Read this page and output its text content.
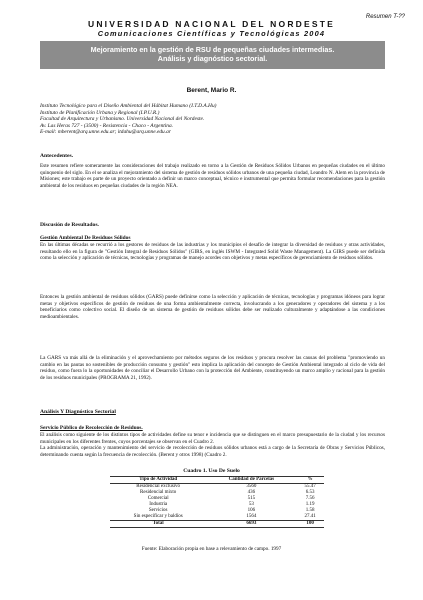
Resumen T-??
UNIVERSIDAD NACIONAL DEL NORDESTE
Comunicaciones Científicas y Tecnológicas 2004
Mejoramiento en la gestión de RSU de pequeñas ciudades intermedias.
Análisis y diagnóstico sectorial.
Berent, Mario R.
Instituto Tecnológico para el Diseño Ambiental del Hábitat Humano (I.T.D.A.Hu)
Instituto de Planificación Urbana y Regional (I.P.U.R.)
Facultad de Arquitectura y Urbanismo. Universidad Nacional del Nordeste.
Av. Las Heras 727 - (3500) - Resistencia - Chaco - Argentina.
E-mail: mberent@arq.unne.edu.ar; itdahu@arq.unne.edu.ar
Antecedentes.
Este resumen refiere someramente las consideraciones del trabajo realizado en torno a la Gestión de Residuos Sólidos Urbanos en pequeñas ciudades en el último quinquenio del siglo. En el se analiza el mejoramiento del sistema de gestión de residuos sólidos urbanos de una pequeña ciudad, Leandro N. Alem en la provincia de Misiones; este trabajo es parte de un proyecto orientado a definir un marco conceptual, técnico e instrumental que permita formular recomendaciones para la gestión ambiental de los residuos en pequeñas ciudades de la región NEA.
Discusión de Resultados.
Gestión Ambiental De Residuos Sólidos
En las últimas décadas se recurrió a los gestores de residuos de las industrias y los municipios el desafío de integrar la diversidad de residuos y otras actividades, resultando ello en la figura de "Gestión Integral de Residuos Sólidos" (GIRS, en inglés ISWM - Integrated Solid Waste Management). La GIRS puede ser definida como la selección y aplicación de técnicas, tecnologías y programas de manejo acordes con objetivos y metas específicos de gerenciamiento de residuos sólidos.
Entonces la gestión ambiental de residuos sólidos (GARS) puede definirse como la selección y aplicación de técnicas, tecnologías y programas idóneos para lograr metas y objetivos específicos de gestión de residuos de una forma ambientalmente correcta, involucrando a los generadores y operadores del sistema y a los beneficiarios como colectivo social. El diseño de un sistema de gestión de residuos sólidos debe ser realizado culturalmente y adaptándose a las condiciones medioambientales.
La GARS va más allá de la eliminación y el aprovechamiento por métodos seguros de los residuos y procura resolver las causas del problema "promoviendo un cambio en las pautas no sostenibles de producción consumo y gestión" esto implica la aplicación del concepto de Gestión Ambiental integrado al ciclo de vida del residuo, como fuera lo la oportunidades de conciliar el Desarrollo Urbano con la protección del Ambiente, constituyendo un marco amplio y racional para la gestión de los residuos municipales (PROGRAMA 21, 1992).
Análisis Y Diagnóstico Sectorial
Servicio Público de Recolección de Residuos.
El análisis como siguiente de los distintos tipos de actividades define su tenor e incidencia que se distinguen en el marco presupuestario de la ciudad y los recursos municipales en los diferentes frentes, cuyos porcentajes se observan en el Cuadro 2.
La administración, operación y mantenimiento del servicio de recolección de residuos sólidos urbanos está a cargo de la Secretaría de Obras y Servicios Públicos, determinando cuenta según la frecuencia de recolección. (Berent y otros 1998) (Cuadro 2.
Cuadro 1. Uso De Suelo
Tipo de Actividad	Cantidad de Parcelas	%
Residencial exclusivo	3560	55.47
Residencial mixto	436	6.53
Comercial	515	7.56
Industria	53	1.19
Servicios	106	1.58
Sin especificar y baldíos	1564	27.41
Total	6693	100
Fuente: Elaboración propia en base a relevamiento de campo. 1997
